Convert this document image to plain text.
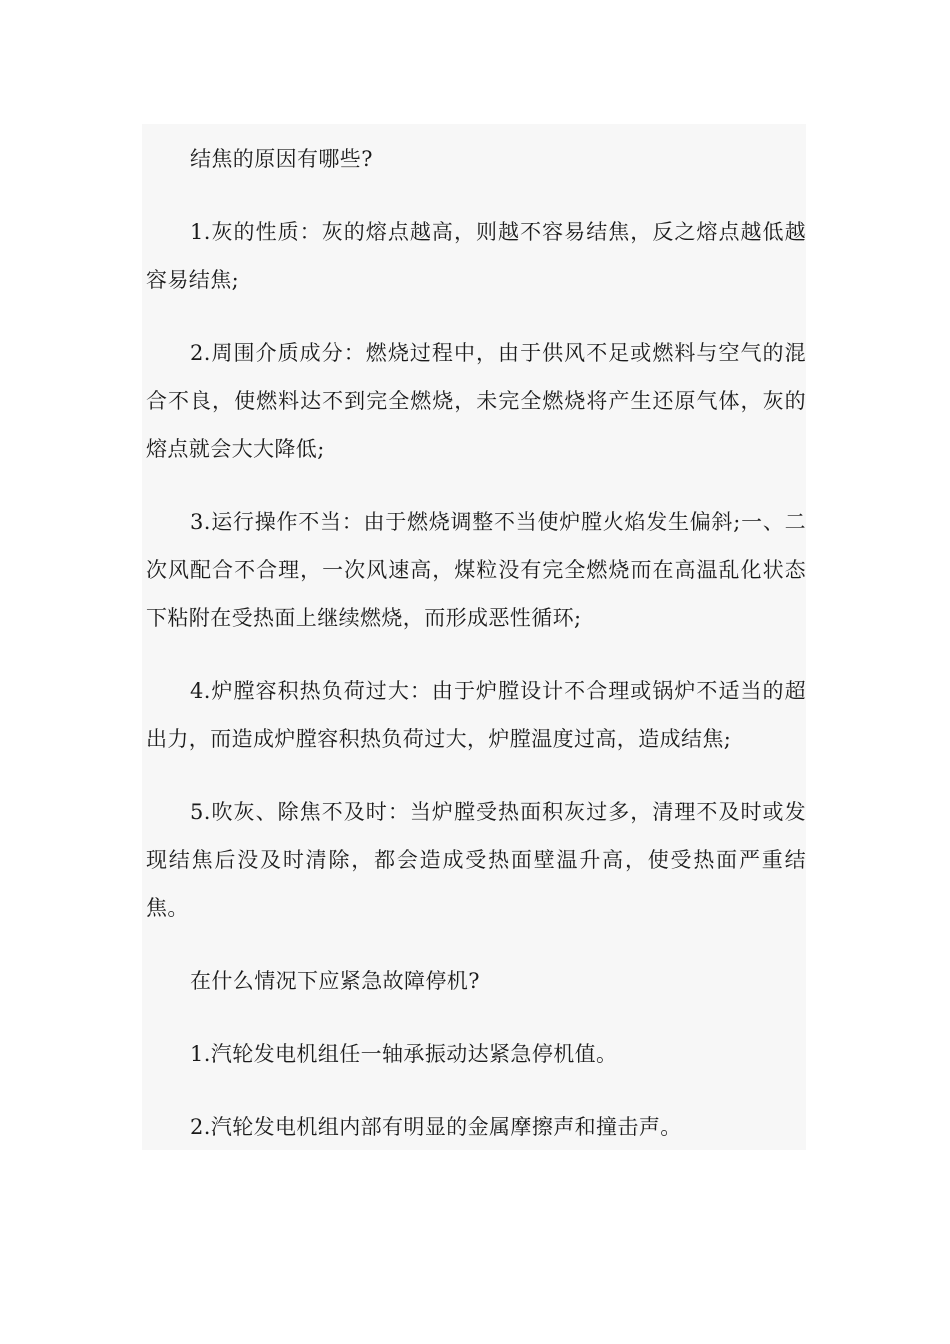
结焦的原因有哪些?

1.灰的性质：灰的熔点越高，则越不容易结焦，反之熔点越低越容易结焦;

2.周围介质成分：燃烧过程中，由于供风不足或燃料与空气的混合不良，使燃料达不到完全燃烧，未完全燃烧将产生还原气体，灰的熔点就会大大降低;

3.运行操作不当：由于燃烧调整不当使炉膛火焰发生偏斜;一、二次风配合不合理，一次风速高，煤粒没有完全燃烧而在高温乱化状态下粘附在受热面上继续燃烧，而形成恶性循环;

4.炉膛容积热负荷过大：由于炉膛设计不合理或锅炉不适当的超出力，而造成炉膛容积热负荷过大，炉膛温度过高，造成结焦;

5.吹灰、除焦不及时：当炉膛受热面积灰过多，清理不及时或发现结焦后没及时清除，都会造成受热面壁温升高，使受热面严重结焦。

在什么情况下应紧急故障停机?

1.汽轮发电机组任一轴承振动达紧急停机值。

2.汽轮发电机组内部有明显的金属摩擦声和撞击声。
